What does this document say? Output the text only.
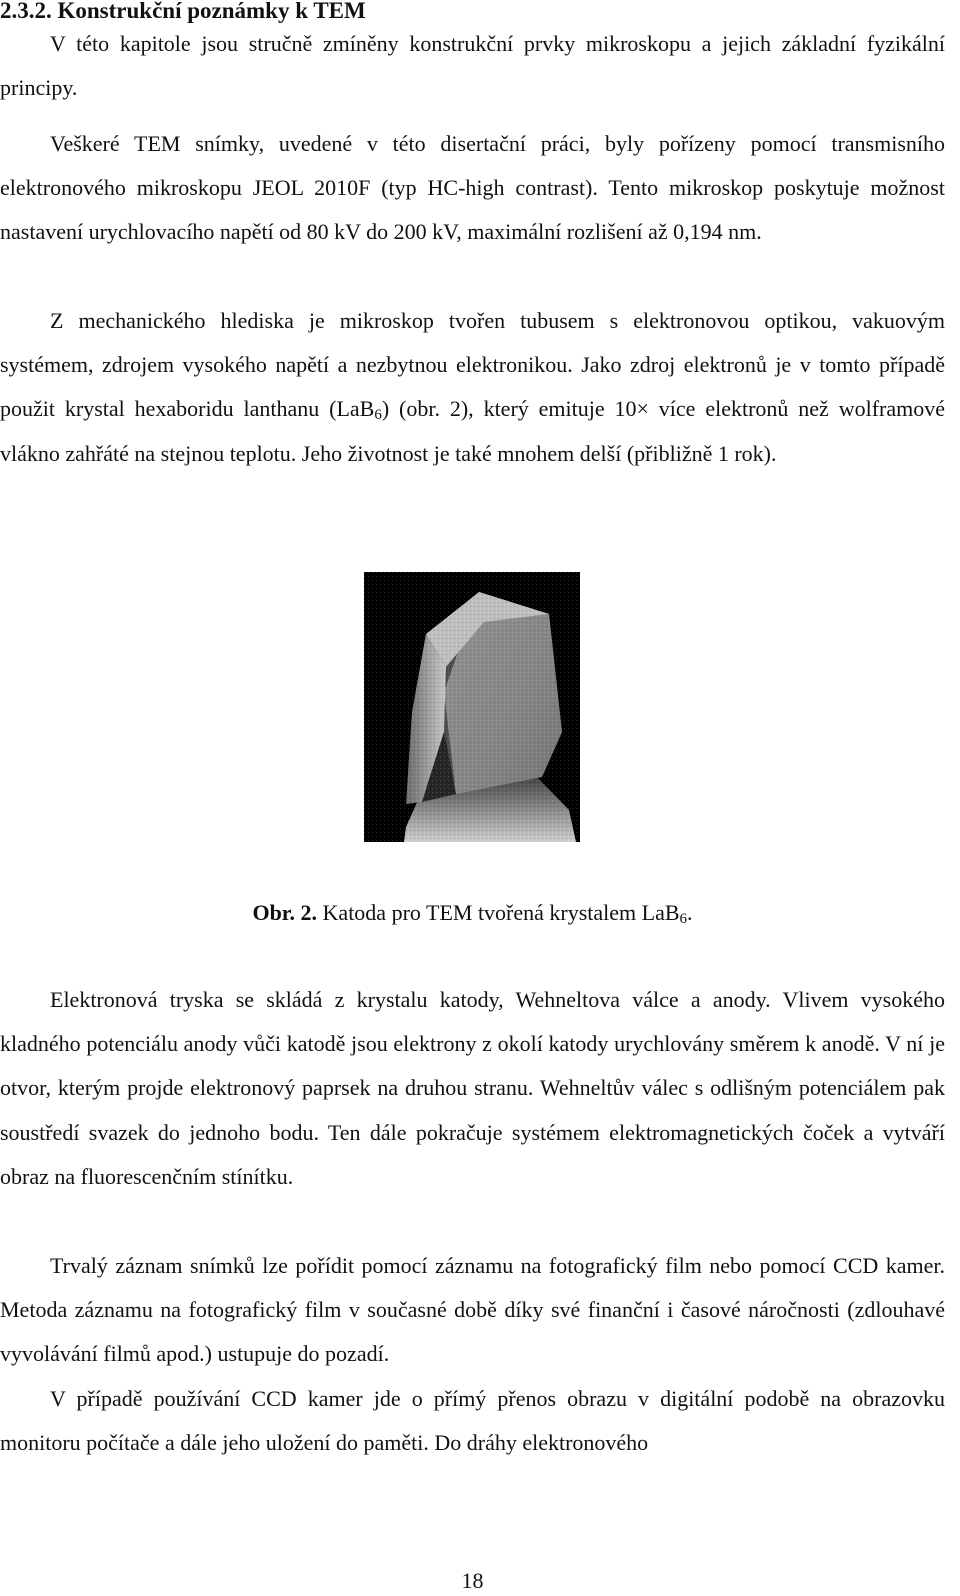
2.3.2. Konstrukční poznámky k TEM

V této kapitole jsou stručně zmíněny konstrukční prvky mikroskopu a jejich základní fyzikální principy.

Veškeré TEM snímky, uvedené v této disertační práci, byly pořízeny pomocí transmisního elektronového mikroskopu JEOL 2010F (typ HC-high contrast). Tento mikroskop poskytuje možnost nastavení urychlovacího napětí od 80 kV do 200 kV, maximální rozlišení až 0,194 nm.

Z mechanického hlediska je mikroskop tvořen tubusem s elektronovou optikou, vakuovým systémem, zdrojem vysokého napětí a nezbytnou elektronikou. Jako zdroj elektronů je v tomto případě použit krystal hexaboridu lanthanu (LaB$_6$) (obr. 2), který emituje 10× více elektronů než wolframové vlákno zahřáté na stejnou teplotu. Jeho životnost je také mnohem delší (přibližně 1 rok).

Obr. 2. Katoda pro TEM tvořená krystalem LaB$_6$.

Elektronová tryska se skládá z krystalu katody, Wehneltova válce a anody. Vlivem vysokého kladného potenciálu anody vůči katodě jsou elektrony z okolí katody urychlovány směrem k anodě. V ní je otvor, kterým projde elektronový paprsek na druhou stranu. Wehneltův válec s odlišným potenciálem pak soustředí svazek do jednoho bodu. Ten dále pokračuje systémem elektromagnetických čoček a vytváří obraz na fluorescenčním stínítku.

Trvalý záznam snímků lze pořídit pomocí záznamu na fotografický film nebo pomocí CCD kamer. Metoda záznamu na fotografický film v současné době díky své finanční i časové náročnosti (zdlouhavé vyvolávání filmů apod.) ustupuje do pozadí.

V případě používání CCD kamer jde o přímý přenos obrazu v digitální podobě na obrazovku monitoru počítače a dále jeho uložení do paměti. Do dráhy elektronového

18
